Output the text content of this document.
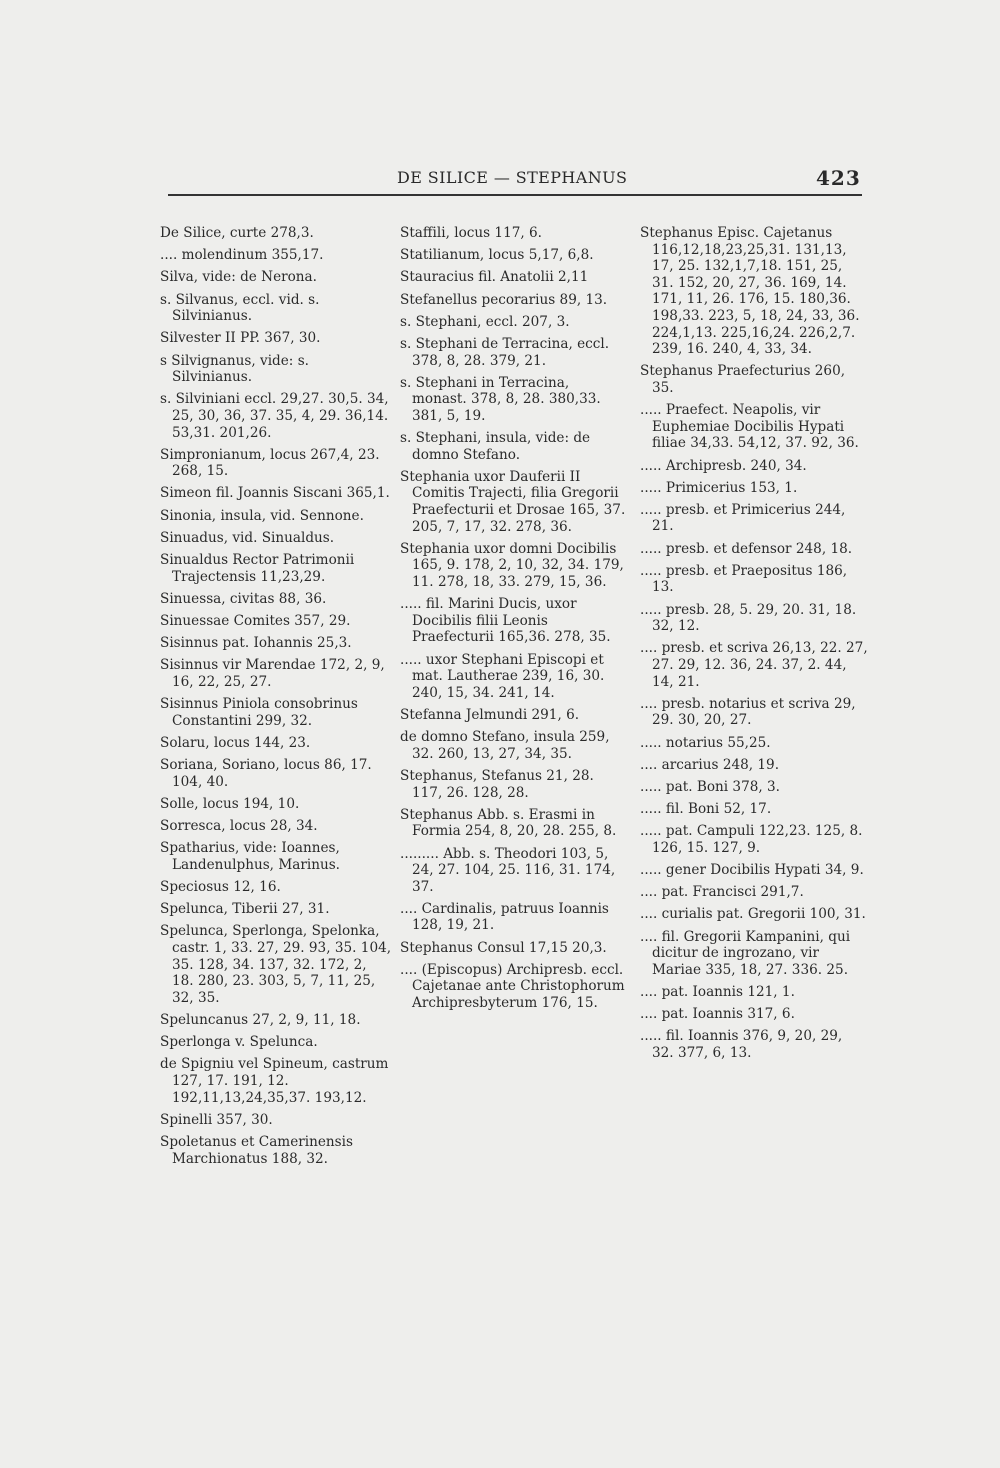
DE SILICE — STEPHANUS	423

De Silice, curte 278,3.

.... molendinum 355,17.

Silva, vide: de Nerona.

s. Silvanus, eccl. vid. s. Silvinianus.

Silvester II PP. 367, 30.

s Silvignanus, vide: s. Silvinianus.

s. Silviniani eccl. 29,27. 30,5. 34, 25, 30, 36, 37. 35, 4, 29. 36,14. 53,31. 201,26.

Simpronianum, locus 267,4, 23. 268, 15.

Simeon fil. Joannis Siscani 365,1.

Sinonia, insula, vid. Sennone.

Sinuadus, vid. Sinualdus.

Sinualdus Rector Patrimonii Trajectensis 11,23,29.

Sinuessa, civitas 88, 36.

Sinuessae Comites 357, 29.

Sisinnus pat. Iohannis 25,3.

Sisinnus vir Marendae 172, 2, 9, 16, 22, 25, 27.

Sisinnus Piniola consobrinus Constantini 299, 32.

Solaru, locus 144, 23.

Soriana, Soriano, locus 86, 17. 104, 40.

Solle, locus 194, 10.

Sorresca, locus 28, 34.

Spatharius, vide: Ioannes, Landenulphus, Marinus.

Speciosus 12, 16.

Spelunca, Tiberii 27, 31.

Spelunca, Sperlonga, Spelonka, castr. 1, 33. 27, 29. 93, 35. 104, 35. 128, 34. 137, 32. 172, 2, 18. 280, 23. 303, 5, 7, 11, 25, 32, 35.

Speluncanus 27, 2, 9, 11, 18.

Sperlonga v. Spelunca.

de Spigniu vel Spineum, castrum 127, 17. 191, 12. 192,11,13,24,35,37. 193,12.

Spinelli 357, 30.

Spoletanus et Camerinensis Marchionatus 188, 32.

Staffili, locus 117, 6.

Statilianum, locus 5,17, 6,8.

Stauracius fil. Anatolii 2,11

Stefanellus pecorarius 89, 13.

s. Stephani, eccl. 207, 3.

s. Stephani de Terracina, eccl. 378, 8, 28. 379, 21.

s. Stephani in Terracina, monast. 378, 8, 28. 380,33. 381, 5, 19.

s. Stephani, insula, vide: de domno Stefano.

Stephania uxor Dauferii II Comitis Trajecti, filia Gregorii Praefecturii et Drosae 165, 37. 205, 7, 17, 32. 278, 36.

Stephania uxor domni Docibilis 165, 9. 178, 2, 10, 32, 34. 179, 11. 278, 18, 33. 279, 15, 36.

..... fil. Marini Ducis, uxor Docibilis filii Leonis Praefecturii 165,36. 278, 35.

..... uxor Stephani Episcopi et mat. Lautherae 239, 16, 30. 240, 15, 34. 241, 14.

Stefanna Jelmundi 291, 6.

de domno Stefano, insula 259, 32. 260, 13, 27, 34, 35.

Stephanus, Stefanus 21, 28. 117, 26. 128, 28.

Stephanus Abb. s. Erasmi in Formia 254, 8, 20, 28. 255, 8.

......... Abb. s. Theodori 103, 5, 24, 27. 104, 25. 116, 31. 174, 37.

.... Cardinalis, patruus Ioannis 128, 19, 21.

Stephanus Consul 17,15 20,3.

.... (Episcopus) Archipresb. eccl. Cajetanae ante Christophorum Archipresbyterum 176, 15.

Stephanus Episc. Cajetanus 116,12,18,23,25,31. 131,13, 17, 25. 132,1,7,18. 151, 25, 31. 152, 20, 27, 36. 169, 14. 171, 11, 26. 176, 15. 180,36. 198,33. 223, 5, 18, 24, 33, 36. 224,1,13. 225,16,24. 226,2,7. 239, 16. 240, 4, 33, 34.

Stephanus Praefecturius 260, 35.

..... Praefect. Neapolis, vir Euphemiae Docibilis Hypati filiae 34,33. 54,12, 37. 92, 36.

..... Archipresb. 240, 34.

..... Primicerius 153, 1.

..... presb. et Primicerius 244, 21.

..... presb. et defensor 248, 18.

..... presb. et Praepositus 186, 13.

..... presb. 28, 5. 29, 20. 31, 18. 32, 12.

.... presb. et scriva 26,13, 22. 27, 27. 29, 12. 36, 24. 37, 2. 44, 14, 21.

.... presb. notarius et scriva 29, 29. 30, 20, 27.

..... notarius 55,25.

.... arcarius 248, 19.

..... pat. Boni 378, 3.

..... fil. Boni 52, 17.

..... pat. Campuli 122,23. 125, 8. 126, 15. 127, 9.

..... gener Docibilis Hypati 34, 9.

.... pat. Francisci 291,7.

.... curialis pat. Gregorii 100, 31.

.... fil. Gregorii Kampanini, qui dicitur de ingrozano, vir Mariae 335, 18, 27. 336. 25.

.... pat. Ioannis 121, 1.

.... pat. Ioannis 317, 6.

..... fil. Ioannis 376, 9, 20, 29, 32. 377, 6, 13.
